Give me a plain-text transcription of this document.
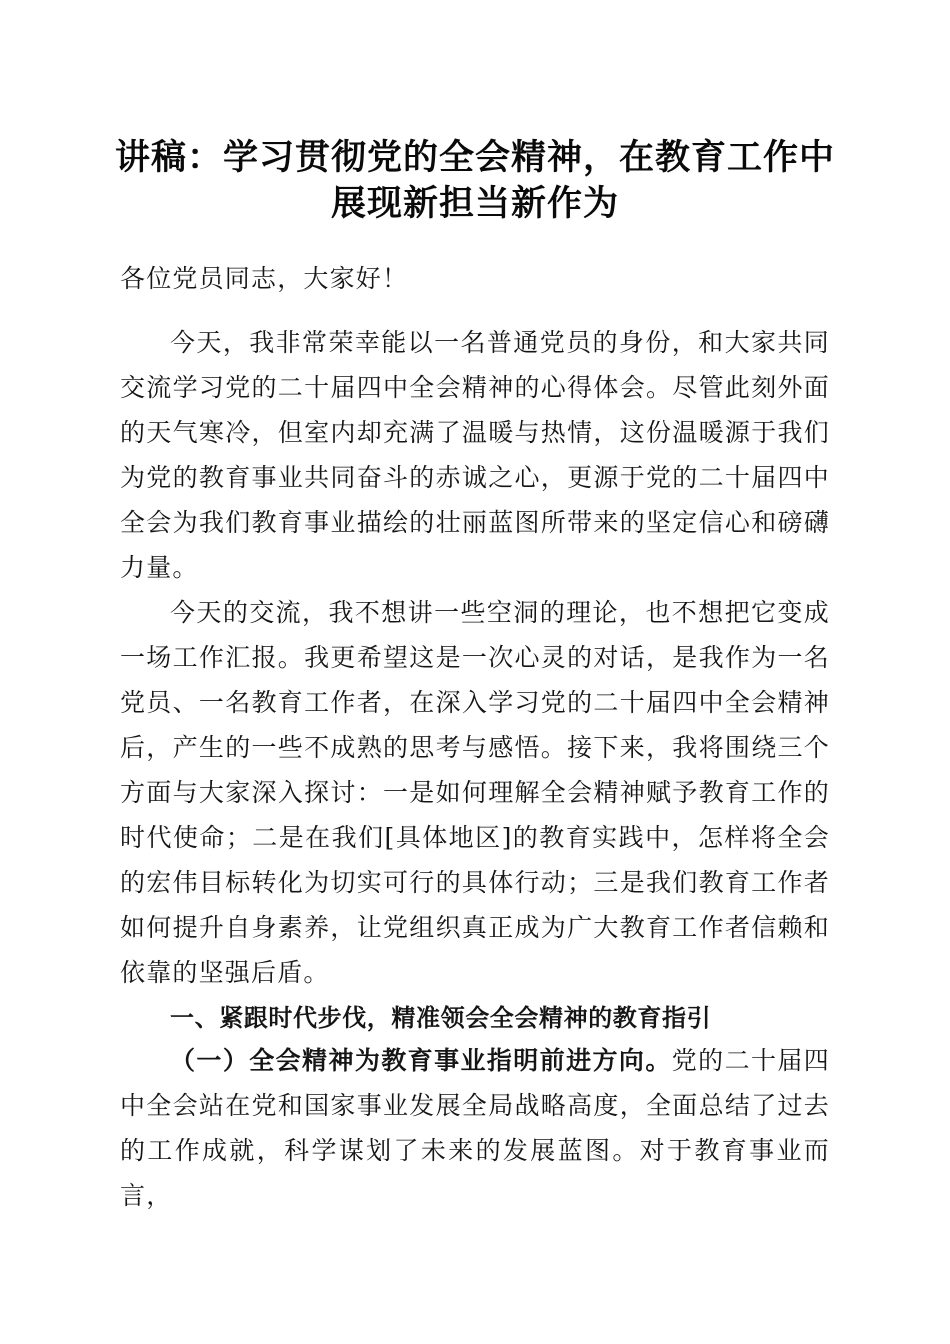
讲稿：学习贯彻党的全会精神，在教育工作中
展现新担当新作为
各位党员同志，大家好！
今天，我非常荣幸能以一名普通党员的身份，和大家共同交流学习党的二十届四中全会精神的心得体会。尽管此刻外面的天气寒冷，但室内却充满了温暖与热情，这份温暖源于我们为党的教育事业共同奋斗的赤诚之心，更源于党的二十届四中全会为我们教育事业描绘的壮丽蓝图所带来的坚定信心和磅礴力量。
今天的交流，我不想讲一些空洞的理论，也不想把它变成一场工作汇报。我更希望这是一次心灵的对话，是我作为一名党员、一名教育工作者，在深入学习党的二十届四中全会精神后，产生的一些不成熟的思考与感悟。接下来，我将围绕三个方面与大家深入探讨：一是如何理解全会精神赋予教育工作的时代使命；二是在我们[具体地区]的教育实践中，怎样将全会的宏伟目标转化为切实可行的具体行动；三是我们教育工作者如何提升自身素养，让党组织真正成为广大教育工作者信赖和依靠的坚强后盾。
一、紧跟时代步伐，精准领会全会精神的教育指引
（一）全会精神为教育事业指明前进方向。党的二十届四中全会站在党和国家事业发展全局战略高度，全面总结了过去的工作成就，科学谋划了未来的发展蓝图。对于教育事业而言，
